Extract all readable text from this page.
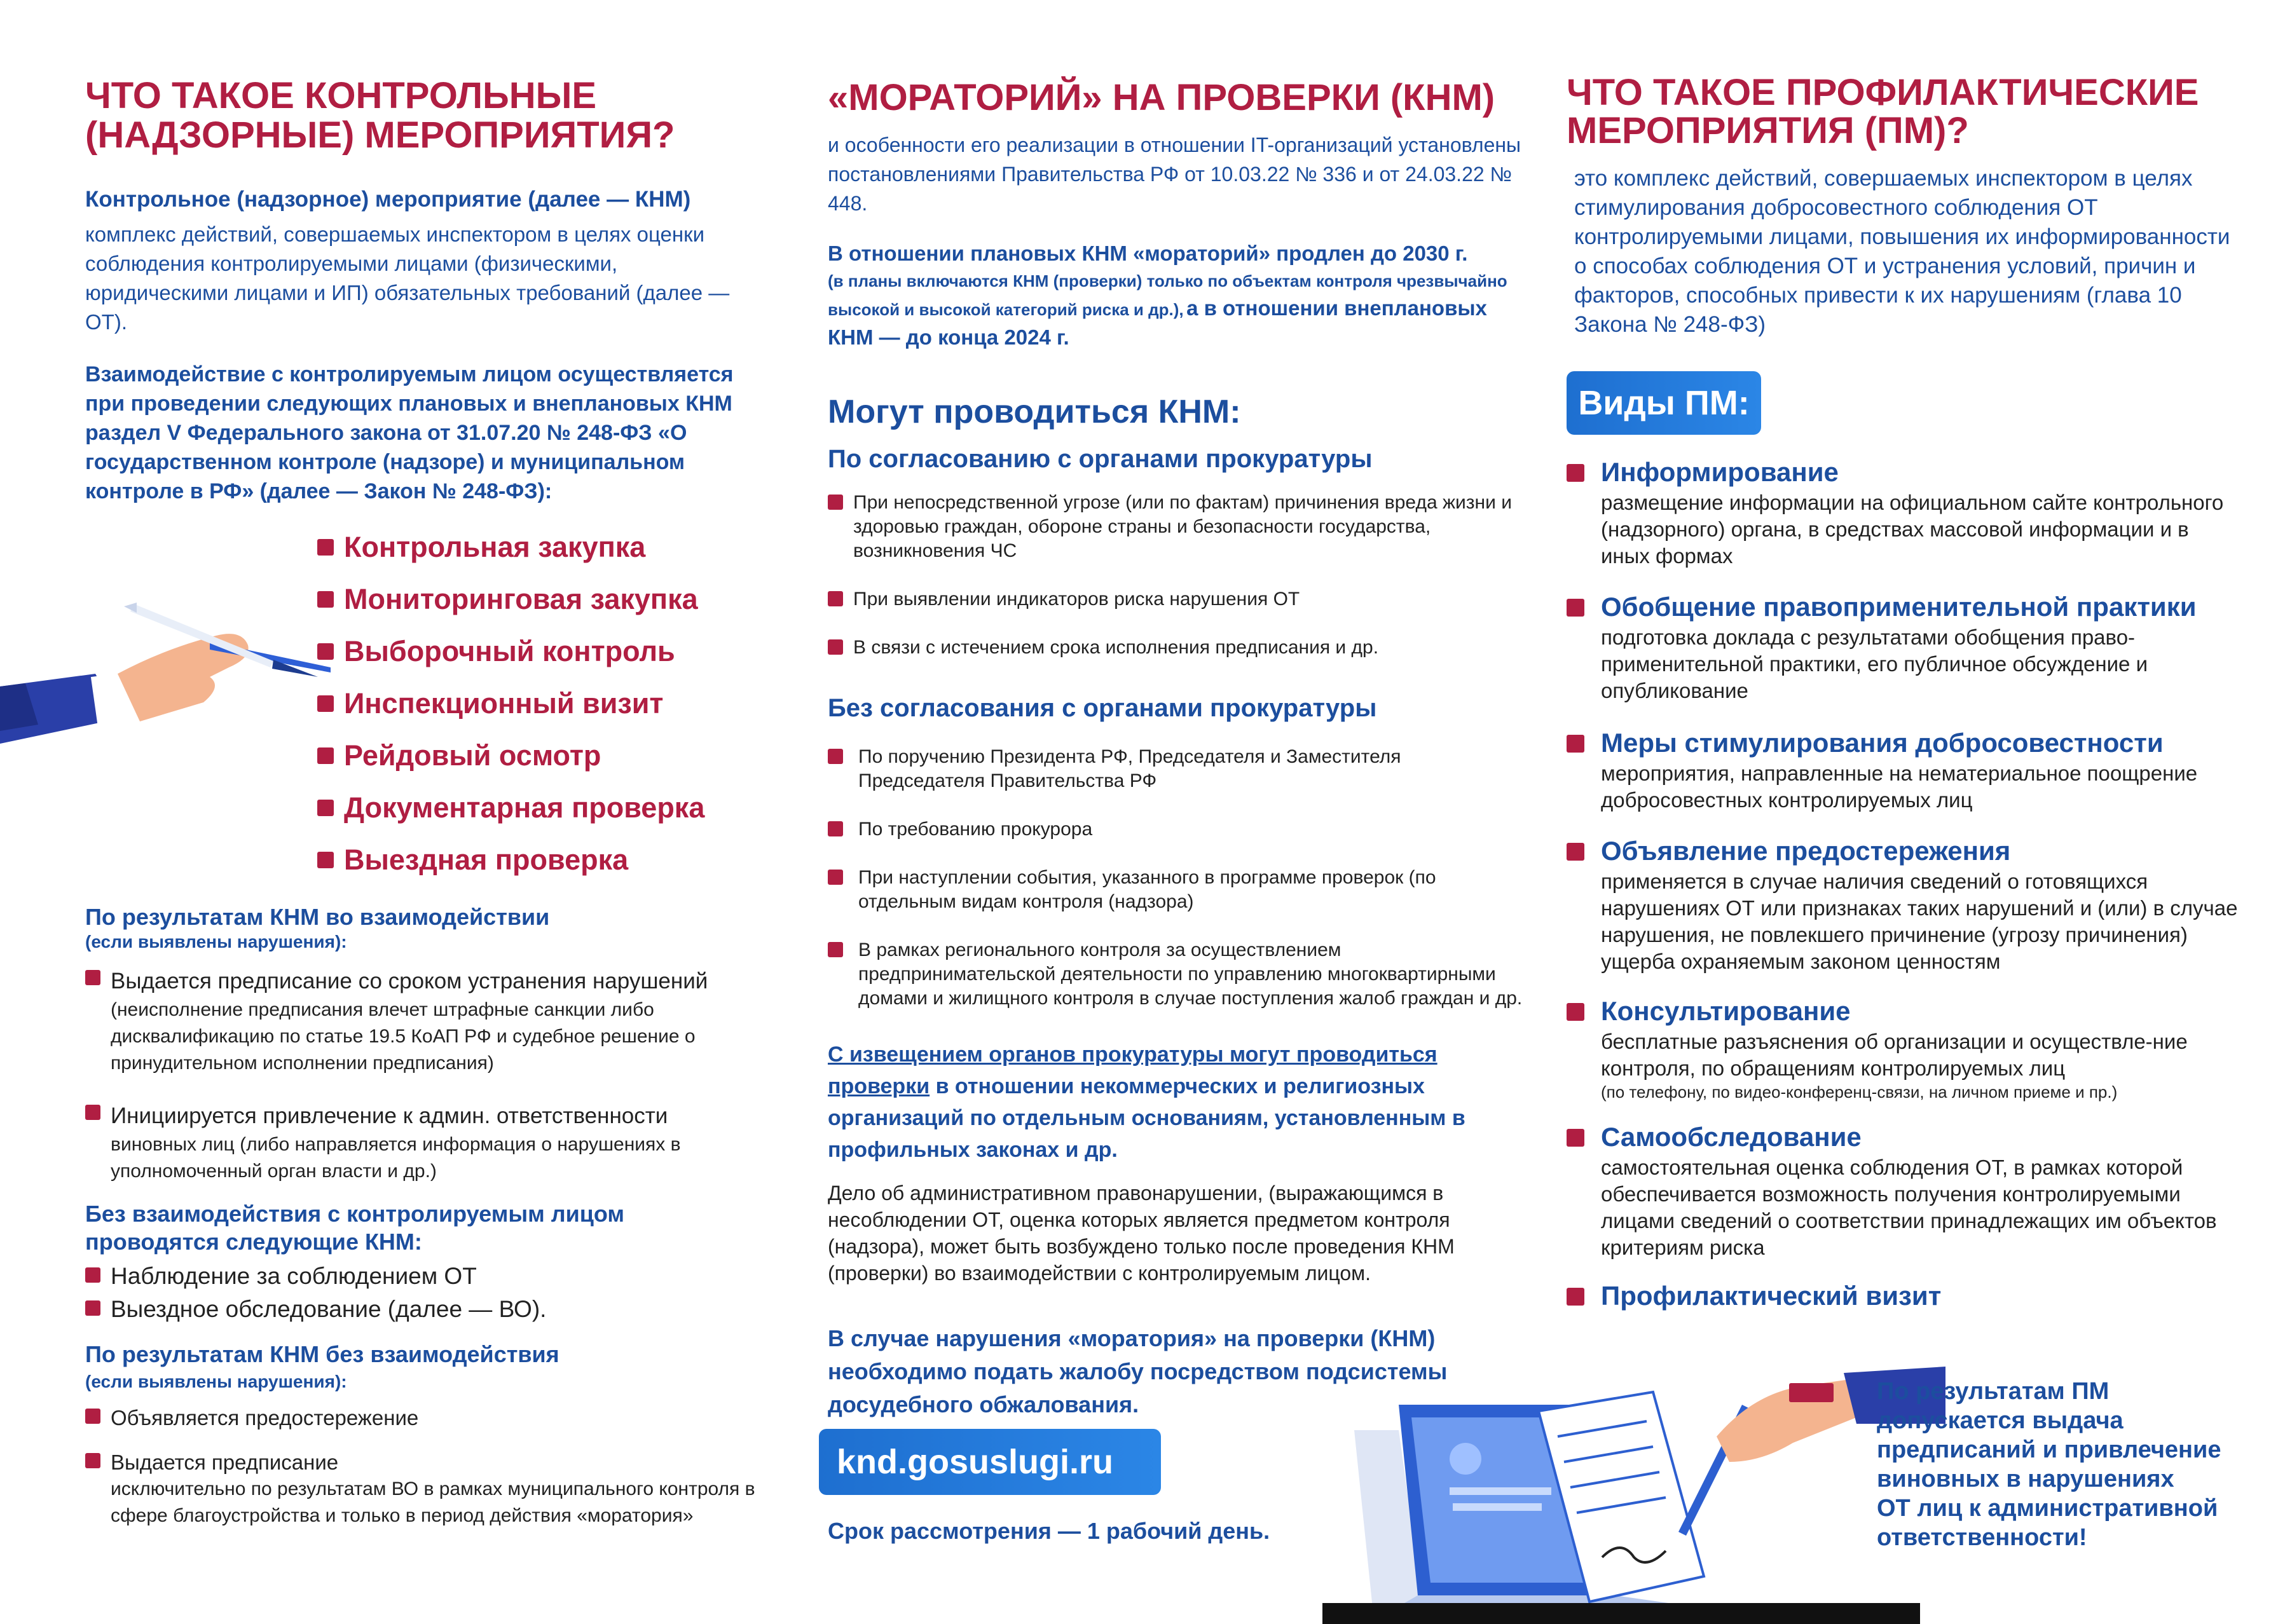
ЧТО ТАКОЕ КОНТРОЛЬНЫЕ
(НАДЗОРНЫЕ) МЕРОПРИЯТИЯ?
Контрольное (надзорное) мероприятие (далее — КНМ)
комплекс действий, совершаемых инспектором в целях оценки соблюдения контролируемыми лицами (физическими, юридическими лицами и ИП) обязательных требований (далее — ОТ).
Взаимодействие с контролируемым лицом осуществляется при проведении следующих плановых и внеплановых КНМ раздел V Федерального закона от 31.07.20 № 248-ФЗ «О государственном контроле (надзоре) и муниципальном контроле в РФ» (далее — Закон № 248-ФЗ):
Контрольная закупка
Мониторинговая закупка
Выборочный контроль
Инспекционный визит
Рейдовый осмотр
Документарная проверка
Выездная проверка
По результатам КНМ во взаимодействии
(если выявлены нарушения):
Выдается предписание со сроком устранения нарушений
(неисполнение предписания влечет штрафные санкции либо дисквалификацию по статье 19.5 КоАП РФ и судебное решение о принудительном исполнении предписания)
Инициируется привлечение к админ. ответственности
виновных лиц (либо направляется информация о нарушениях в уполномоченный орган власти и др.)
Без взаимодействия с контролируемым лицом проводятся следующие КНМ:
Наблюдение за соблюдением ОТ
Выездное обследование (далее — ВО).
По результатам КНМ без взаимодействия
(если выявлены нарушения):
Объявляется предостережение
Выдается предписание
исключительно по результатам ВО в рамках муниципального контроля в сфере благоустройства и только в период действия «моратория»
«МОРАТОРИЙ» НА ПРОВЕРКИ (КНМ)
и особенности его реализации в отношении IT-организаций установлены постановлениями Правительства РФ от 10.03.22 № 336 и от 24.03.22 № 448.
В отношении плановых КНМ «мораторий» продлен до 2030 г.
(в планы включаются КНМ (проверки) только по объектам контроля чрезвычайно высокой и высокой категорий риска и др.), а в отношении внеплановых КНМ — до конца 2024 г.
Могут проводиться КНМ:
По согласованию с органами прокуратуры
При непосредственной угрозе (или по фактам) причинения вреда жизни и здоровью граждан, обороне страны и безопасности государства, возникновения ЧС
При выявлении индикаторов риска нарушения ОТ
В связи с истечением срока исполнения предписания и др.
Без согласования с органами прокуратуры
По поручению Президента РФ, Председателя и Заместителя Председателя Правительства РФ
По требованию прокурора
При наступлении события, указанного в программе проверок (по отдельным видам контроля (надзора)
В рамках регионального контроля за осуществлением предпринимательской деятельности по управлению многоквартирными домами и жилищного контроля в случае поступления жалоб граждан и др.
С извещением органов прокуратуры могут проводиться проверки в отношении некоммерческих и религиозных организаций по отдельным основаниям, установленным в профильных законах и др.
Дело об административном правонарушении, (выражающимся в несоблюдении ОТ, оценка которых является предметом контроля (надзора), может быть возбуждено только после проведения КНМ (проверки) во взаимодействии с контролируемым лицом.
В случае нарушения «моратория» на проверки (КНМ) необходимо подать жалобу посредством подсистемы досудебного обжалования.
knd.gosuslugi.ru
Срок рассмотрения — 1 рабочий день.
ЧТО ТАКОЕ ПРОФИЛАКТИЧЕСКИЕ
МЕРОПРИЯТИЯ (ПМ)?
это комплекс действий, совершаемых инспектором в целях стимулирования добросовестного соблюдения ОТ контролируемыми лицами, повышения их информированности о способах соблюдения ОТ и устранения условий, причин и факторов, способных привести к их нарушениям (глава 10 Закона № 248-ФЗ)
Виды ПМ:
Информирование
размещение информации на официальном сайте контрольного (надзорного) органа, в средствах массовой информации и в иных формах
Обобщение правоприменительной практики
подготовка доклада с результатами обобщения право-применительной практики, его публичное обсуждение и опубликование
Меры стимулирования добросовестности
мероприятия, направленные на нематериальное поощрение добросовестных контролируемых лиц
Объявление предостережения
применяется в случае наличия сведений о готовящихся нарушениях ОТ или признаках таких нарушений и (или) в случае нарушения, не повлекшего причинение (угрозу причинения) ущерба охраняемым законом ценностям
Консультирование
бесплатные разъяснения об организации и осуществле-ние контроля, по обращениям контролируемых лиц
(по телефону, по видео-конференц-связи, на личном приеме и пр.)
Самообследование
самостоятельная оценка соблюдения ОТ, в рамках которой обеспечивается возможность получения контролируемыми лицами сведений о соответствии принадлежащих им объектов критериям риска
Профилактический визит
По результатам ПМ
допускается выдача
предписаний и привлечение
виновных в нарушениях
ОТ лиц к административной
ответственности!
